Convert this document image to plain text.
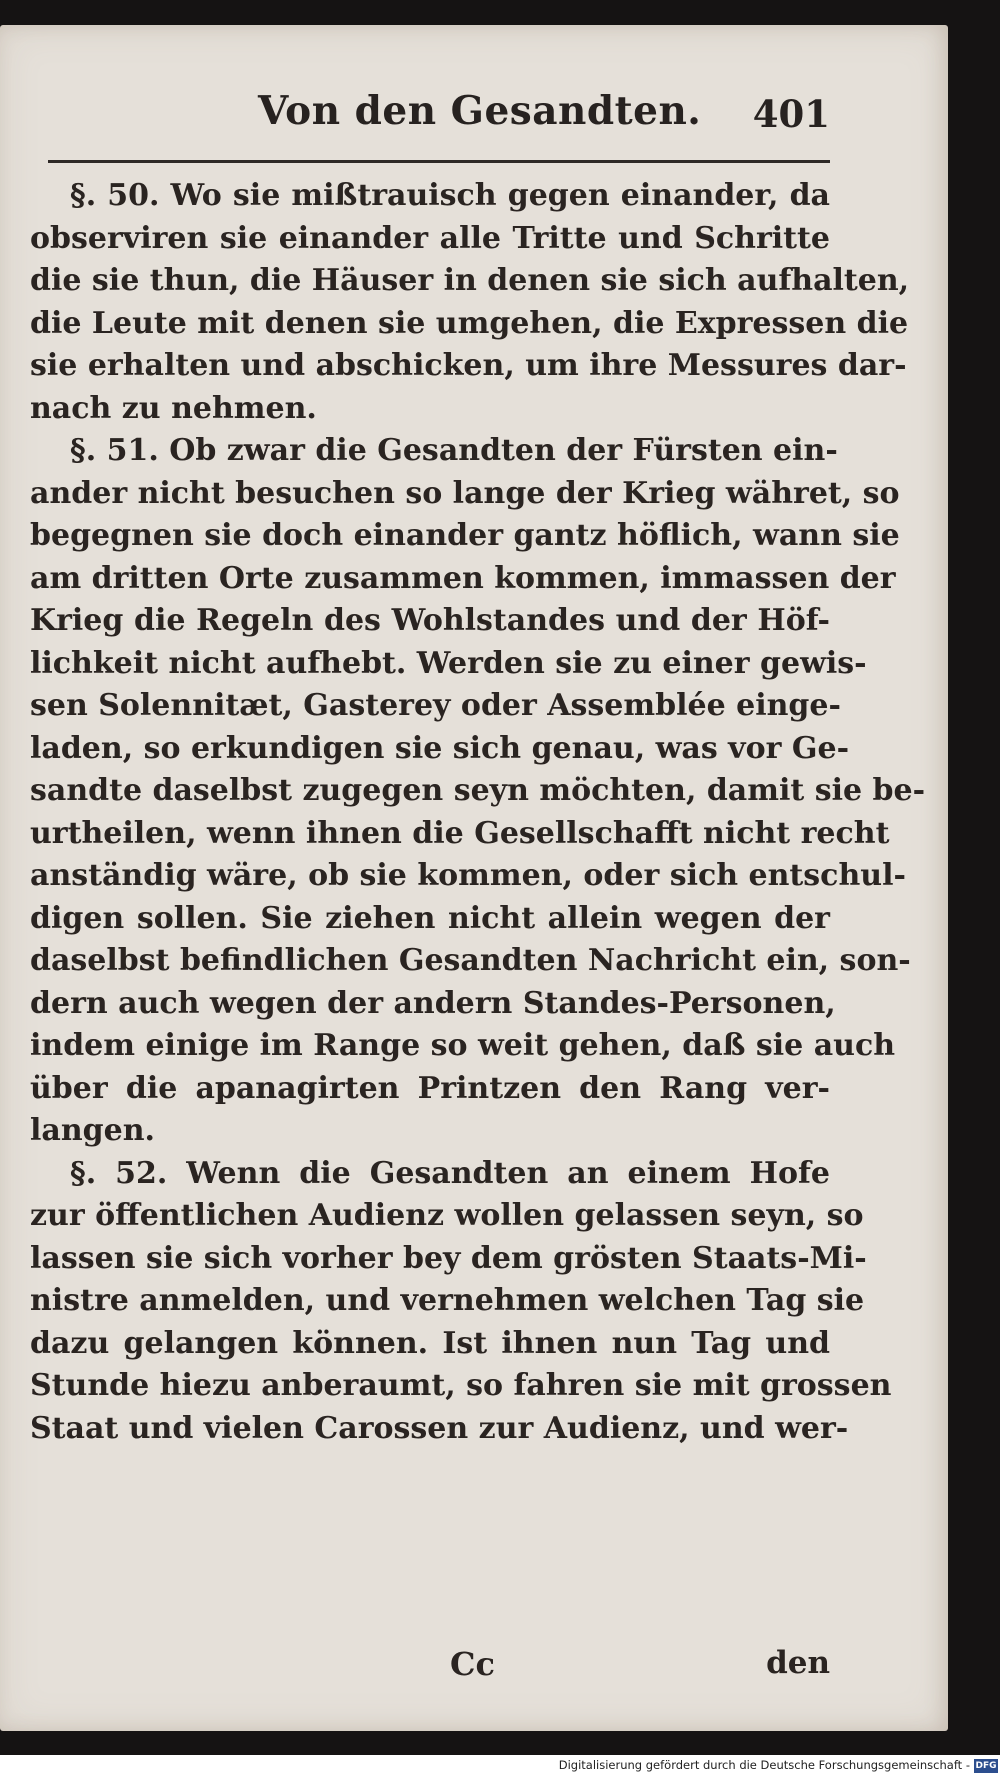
Von den Gesandten. 401
§. 50. Wo sie mißtrauisch gegen einander, da
observiren sie einander alle Tritte und Schritte
die sie thun, die Häuser in denen sie sich aufhalten,
die Leute mit denen sie umgehen, die Expressen die
sie erhalten und abschicken, um ihre Messures dar-
nach zu nehmen.
§. 51. Ob zwar die Gesandten der Fürsten ein-
ander nicht besuchen so lange der Krieg währet, so
begegnen sie doch einander gantz höflich, wann sie
am dritten Orte zusammen kommen, immassen der
Krieg die Regeln des Wohlstandes und der Höf-
lichkeit nicht aufhebt. Werden sie zu einer gewis-
sen Solennitæt, Gasterey oder Assemblée einge-
laden, so erkundigen sie sich genau, was vor Ge-
sandte daselbst zugegen seyn möchten, damit sie be-
urtheilen, wenn ihnen die Gesellschafft nicht recht
anständig wäre, ob sie kommen, oder sich entschul-
digen sollen. Sie ziehen nicht allein wegen der
daselbst befindlichen Gesandten Nachricht ein, son-
dern auch wegen der andern Standes-Personen,
indem einige im Range so weit gehen, daß sie auch
über die apanagirten Printzen den Rang ver-
langen.
§. 52. Wenn die Gesandten an einem Hofe
zur öffentlichen Audienz wollen gelassen seyn, so
lassen sie sich vorher bey dem grösten Staats-Mi-
nistre anmelden, und vernehmen welchen Tag sie
dazu gelangen können. Ist ihnen nun Tag und
Stunde hiezu anberaumt, so fahren sie mit grossen
Staat und vielen Carossen zur Audienz, und wer-
Cc	den
Digitalisierung gefördert durch die Deutsche Forschungsgemeinschaft - DFG
